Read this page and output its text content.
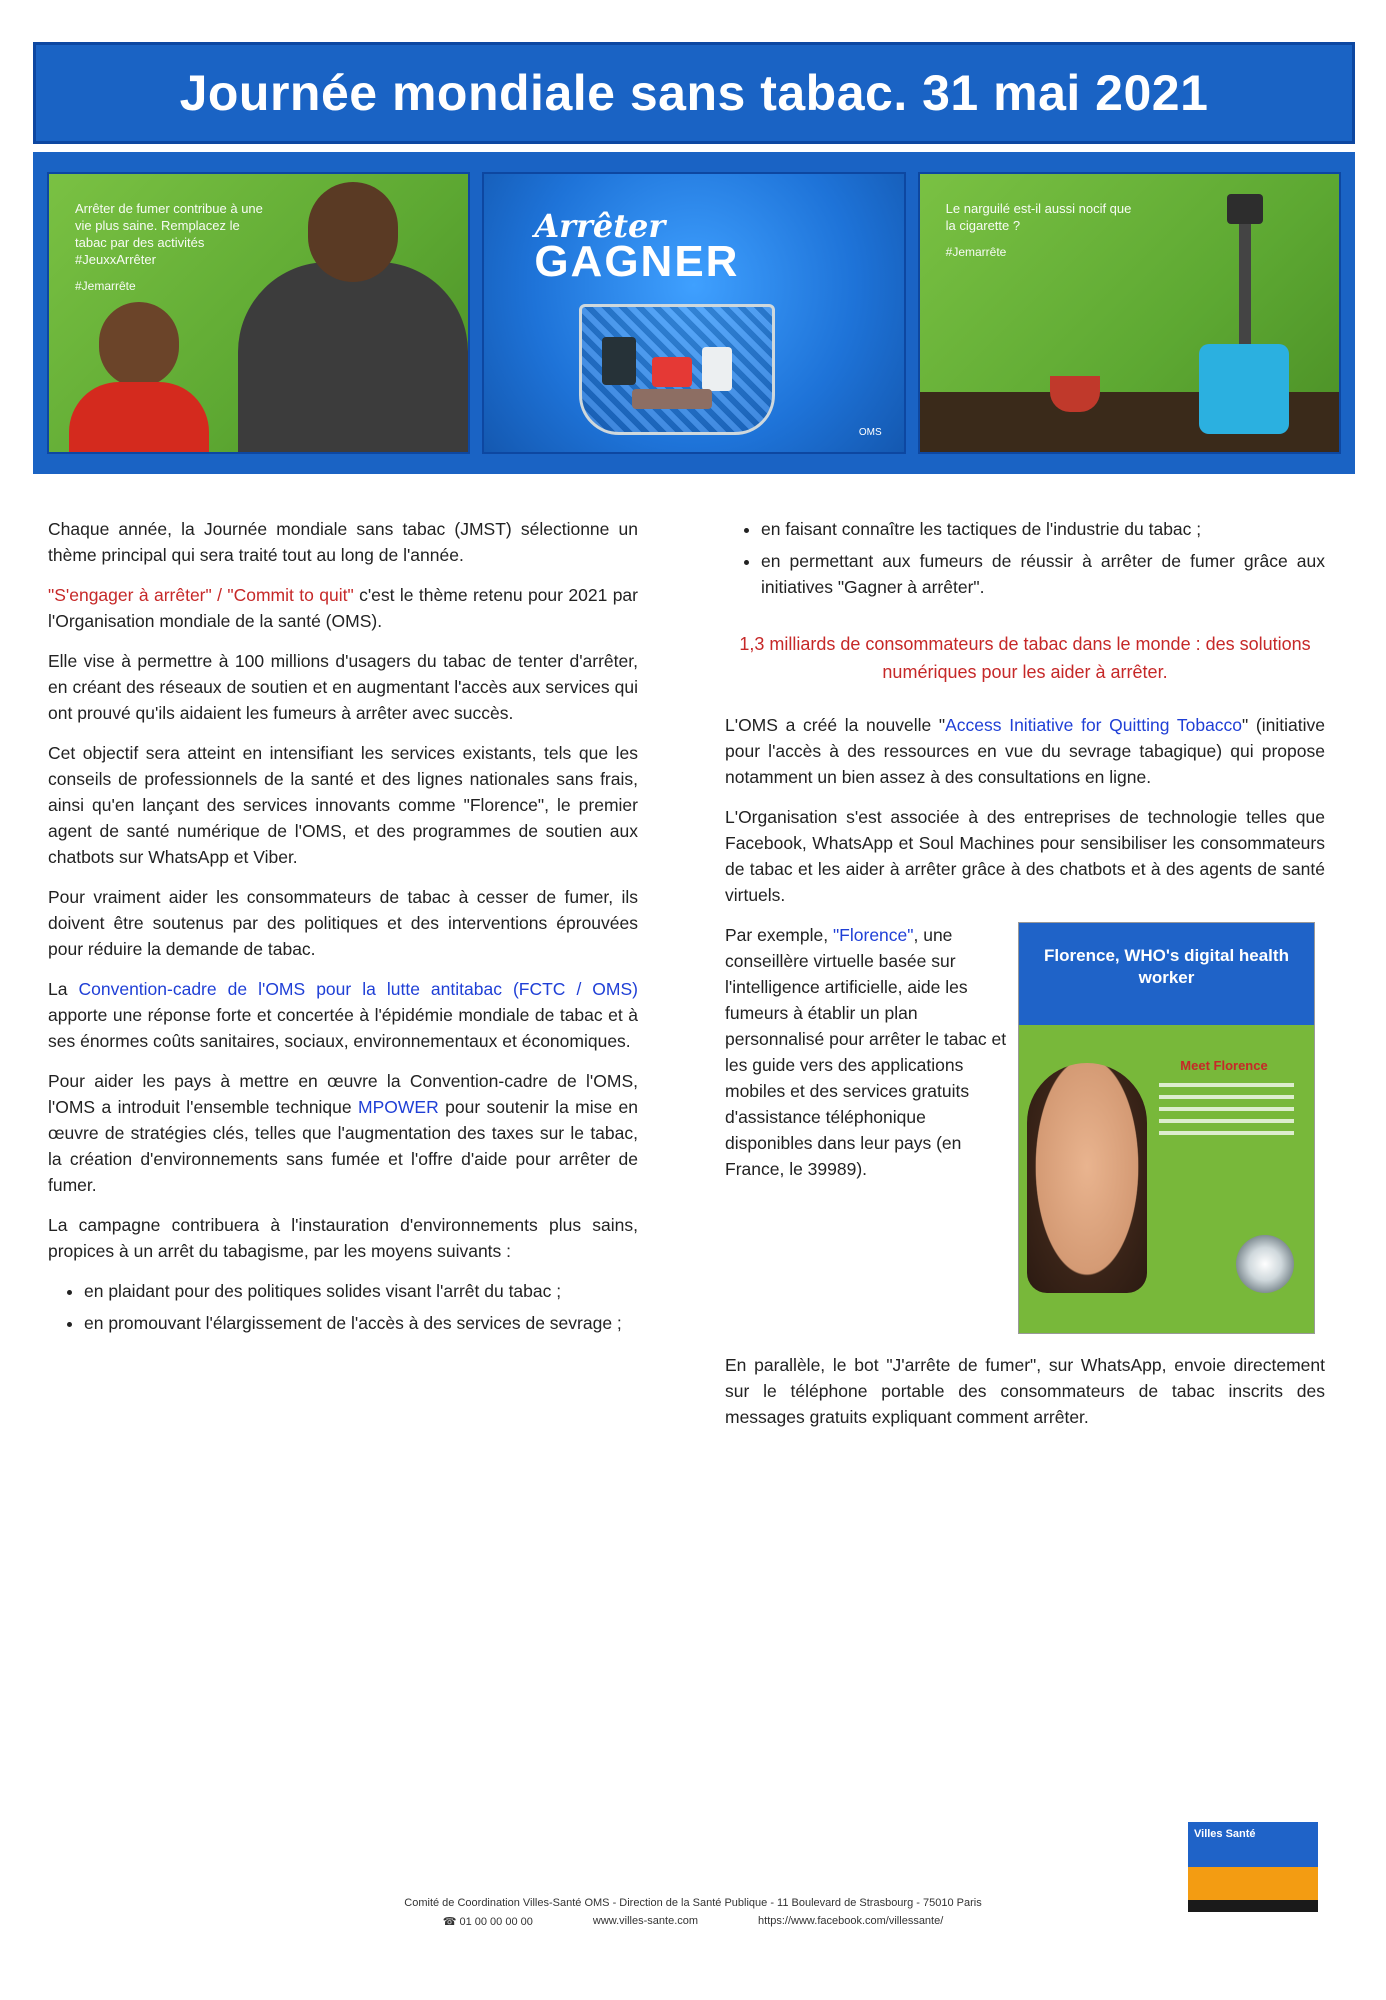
Journée mondiale sans tabac. 31 mai 2021
Arrêter de fumer contribue à une vie plus saine. Remplacez le tabac par des activités #JeuxxArrêter
#Jemarrête
Arrêter
GAGNER
OMS
Le narguilé est-il aussi nocif que la cigarette ?
#Jemarrête

Chaque année, la Journée mondiale sans tabac (JMST) sélectionne un thème principal qui sera traité tout au long de l'année.

"S'engager à arrêter" / "Commit to quit" c'est le thème retenu pour 2021 par l'Organisation mondiale de la santé (OMS).

Elle vise à permettre à 100 millions d'usagers du tabac de tenter d'arrêter, en créant des réseaux de soutien et en augmentant l'accès aux services qui ont prouvé qu'ils aidaient les fumeurs à arrêter avec succès.

Cet objectif sera atteint en intensifiant les services existants, tels que les conseils de professionnels de la santé et des lignes nationales sans frais, ainsi qu'en lançant des services innovants comme "Florence", le premier agent de santé numérique de l'OMS, et des programmes de soutien aux chatbots sur WhatsApp et Viber.

Pour vraiment aider les consommateurs de tabac à cesser de fumer, ils doivent être soutenus par des politiques et des interventions éprouvées pour réduire la demande de tabac.

La Convention-cadre de l'OMS pour la lutte antitabac (FCTC / OMS) apporte une réponse forte et concertée à l'épidémie mondiale de tabac et à ses énormes coûts sanitaires, sociaux, environnementaux et économiques.

Pour aider les pays à mettre en œuvre la Convention-cadre de l'OMS, l'OMS a introduit l'ensemble technique MPOWER pour soutenir la mise en œuvre de stratégies clés, telles que l'augmentation des taxes sur le tabac, la création d'environnements sans fumée et l'offre d'aide pour arrêter de fumer.

La campagne contribuera à l'instauration d'environnements plus sains, propices à un arrêt du tabagisme, par les moyens suivants :

• en plaidant pour des politiques solides visant l'arrêt du tabac ;
• en promouvant l'élargissement de l'accès à des services de sevrage ;
• en faisant connaître les tactiques de l'industrie du tabac ;
• en permettant aux fumeurs de réussir à arrêter de fumer grâce aux initiatives "Gagner à arrêter".
1,3 milliards de consommateurs de tabac dans le monde : des solutions numériques pour les aider à arrêter.

L'OMS a créé la nouvelle "Access Initiative for Quitting Tobacco" (initiative pour l'accès à des ressources en vue du sevrage tabagique) qui propose notamment un bien assez à des consultations en ligne.

L'Organisation s'est associée à des entreprises de technologie telles que Facebook, WhatsApp et Soul Machines pour sensibiliser les consommateurs de tabac et les aider à arrêter grâce à des chatbots et à des agents de santé virtuels.

Par exemple, "Florence", une conseillère virtuelle basée sur l'intelligence artificielle, aide les fumeurs à établir un plan personnalisé pour arrêter le tabac et les guide vers des applications mobiles et des services gratuits d'assistance téléphonique disponibles dans leur pays (en France, le 39989).

Florence, WHO's digital health worker
Meet Florence

En parallèle, le bot "J'arrête de fumer", sur WhatsApp, envoie directement sur le téléphone portable des consommateurs de tabac inscrits des messages gratuits expliquant comment arrêter.

Villes Santé
Comité de Coordination Villes-Santé OMS - Direction de la Santé Publique - 11 Boulevard de Strasbourg - 75010 Paris
☎ 01 00 00 00 00	www.villes-sante.com	https://www.facebook.com/villessante/
